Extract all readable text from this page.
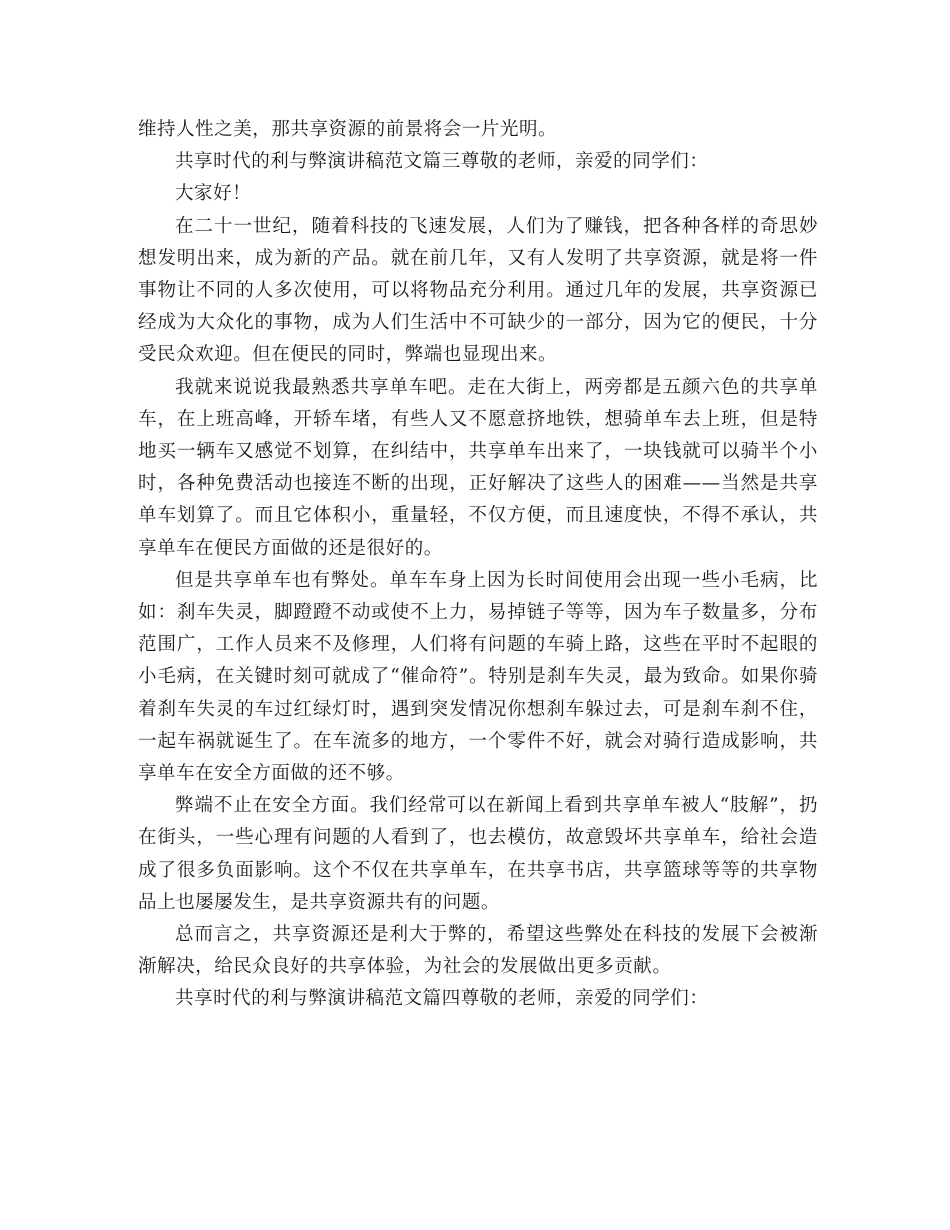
维持人性之美，那共享资源的前景将会一片光明。

共享时代的利与弊演讲稿范文篇三尊敬的老师，亲爱的同学们：

大家好！

在二十一世纪，随着科技的飞速发展，人们为了赚钱，把各种各样的奇思妙想发明出来，成为新的产品。就在前几年，又有人发明了共享资源，就是将一件事物让不同的人多次使用，可以将物品充分利用。通过几年的发展，共享资源已经成为大众化的事物，成为人们生活中不可缺少的一部分，因为它的便民，十分受民众欢迎。但在便民的同时，弊端也显现出来。

我就来说说我最熟悉共享单车吧。走在大街上，两旁都是五颜六色的共享单车，在上班高峰，开轿车堵，有些人又不愿意挤地铁，想骑单车去上班，但是特地买一辆车又感觉不划算，在纠结中，共享单车出来了，一块钱就可以骑半个小时，各种免费活动也接连不断的出现，正好解决了这些人的困难——当然是共享单车划算了。而且它体积小，重量轻，不仅方便，而且速度快，不得不承认，共享单车在便民方面做的还是很好的。

但是共享单车也有弊处。单车车身上因为长时间使用会出现一些小毛病，比如：刹车失灵，脚蹬蹬不动或使不上力，易掉链子等等，因为车子数量多，分布范围广，工作人员来不及修理，人们将有问题的车骑上路，这些在平时不起眼的小毛病，在关键时刻可就成了“催命符”。特别是刹车失灵，最为致命。如果你骑着刹车失灵的车过红绿灯时，遇到突发情况你想刹车躲过去，可是刹车刹不住，一起车祸就诞生了。在车流多的地方，一个零件不好，就会对骑行造成影响，共享单车在安全方面做的还不够。

弊端不止在安全方面。我们经常可以在新闻上看到共享单车被人“肢解”，扔在街头，一些心理有问题的人看到了，也去模仿，故意毁坏共享单车，给社会造成了很多负面影响。这个不仅在共享单车，在共享书店，共享篮球等等的共享物品上也屡屡发生，是共享资源共有的问题。

总而言之，共享资源还是利大于弊的，希望这些弊处在科技的发展下会被渐渐解决，给民众良好的共享体验，为社会的发展做出更多贡献。

共享时代的利与弊演讲稿范文篇四尊敬的老师，亲爱的同学们：
